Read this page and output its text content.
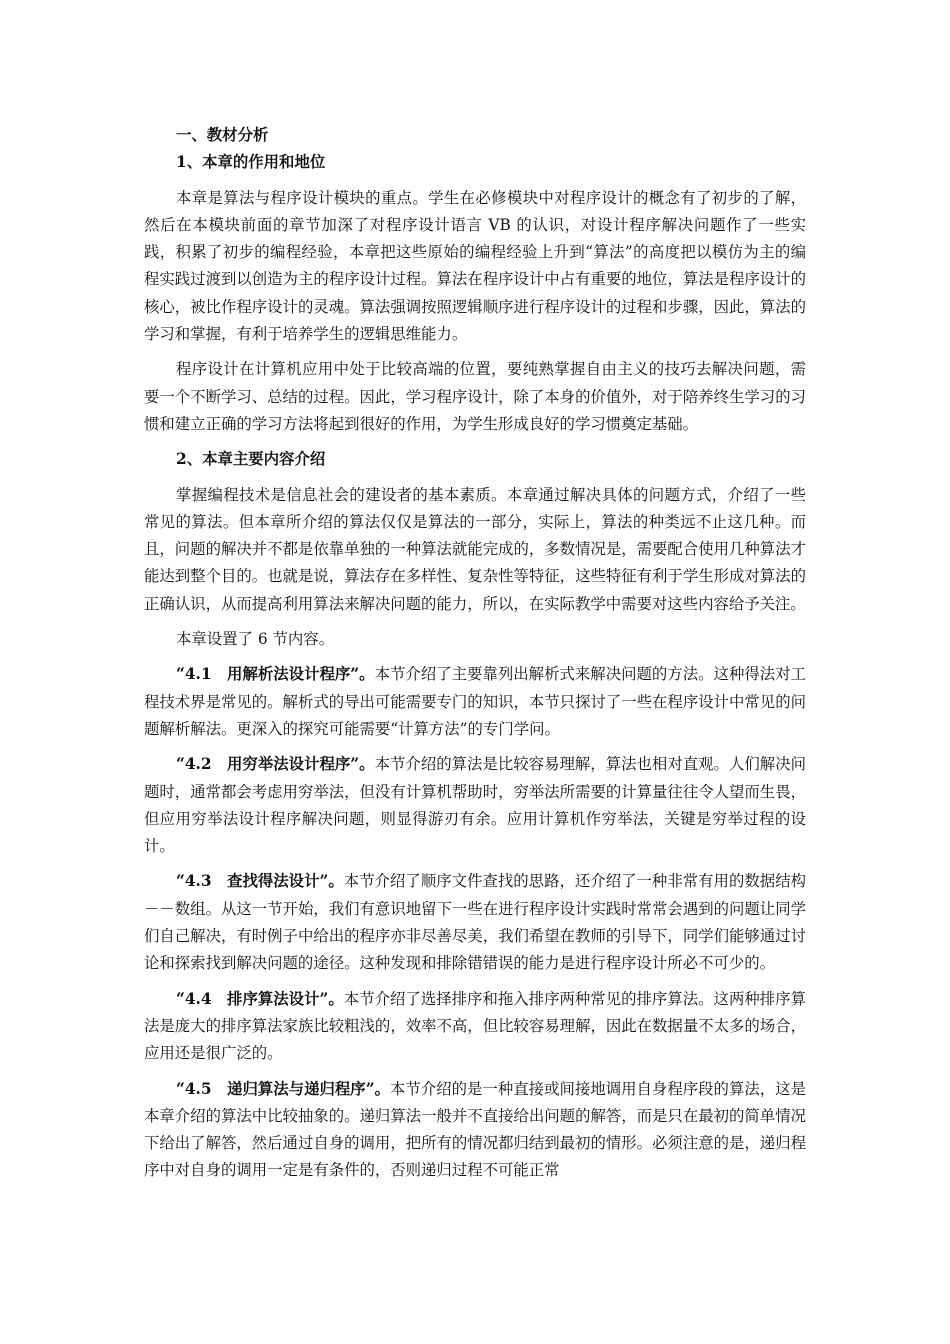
一、教材分析
1、本章的作用和地位

本章是算法与程序设计模块的重点。学生在必修模块中对程序设计的概念有了初步的了解，然后在本模块前面的章节加深了对程序设计语言 VB 的认识，对设计程序解决问题作了一些实践，积累了初步的编程经验，本章把这些原始的编程经验上升到“算法”的高度把以模仿为主的编程实践过渡到以创造为主的程序设计过程。算法在程序设计中占有重要的地位，算法是程序设计的核心，被比作程序设计的灵魂。算法强调按照逻辑顺序进行程序设计的过程和步骤，因此，算法的学习和掌握，有利于培养学生的逻辑思维能力。

程序设计在计算机应用中处于比较高端的位置，要纯熟掌握自由主义的技巧去解决问题，需要一个不断学习、总结的过程。因此，学习程序设计，除了本身的价值外，对于陪养终生学习的习惯和建立正确的学习方法将起到很好的作用，为学生形成良好的学习惯奠定基础。

2、本章主要内容介绍

掌握编程技术是信息社会的建设者的基本素质。本章通过解决具体的问题方式，介绍了一些常见的算法。但本章所介绍的算法仅仅是算法的一部分，实际上，算法的种类远不止这几种。而且，问题的解决并不都是依靠单独的一种算法就能完成的，多数情况是，需要配合使用几种算法才能达到整个目的。也就是说，算法存在多样性、复杂性等特征，这些特征有利于学生形成对算法的正确认识，从而提高利用算法来解决问题的能力，所以，在实际教学中需要对这些内容给予关注。

本章设置了 6 节内容。

“4.1　用解析法设计程序”。本节介绍了主要靠列出解析式来解决问题的方法。这种得法对工程技术界是常见的。解析式的导出可能需要专门的知识，本节只探讨了一些在程序设计中常见的问题解析解法。更深入的探究可能需要“计算方法”的专门学问。

“4.2　用穷举法设计程序”。本节介绍的算法是比较容易理解，算法也相对直观。人们解决问题时，通常都会考虑用穷举法，但没有计算机帮助时，穷举法所需要的计算量往往令人望而生畏，但应用穷举法设计程序解决问题，则显得游刃有余。应用计算机作穷举法，关键是穷举过程的设计。

“4.3　查找得法设计”。本节介绍了顺序文件查找的思路，还介绍了一种非常有用的数据结构－－数组。从这一节开始，我们有意识地留下一些在进行程序设计实践时常常会遇到的问题让同学们自己解决，有时例子中给出的程序亦非尽善尽美，我们希望在教师的引导下，同学们能够通过讨论和探索找到解决问题的途径。这种发现和排除错错误的能力是进行程序设计所必不可少的。

“4.4　排序算法设计”。本节介绍了选择排序和拖入排序两种常见的排序算法。这两种排序算法是庞大的排序算法家族比较粗浅的，效率不高，但比较容易理解，因此在数据量不太多的场合，应用还是很广泛的。

“4.5　递归算法与递归程序”。本节介绍的是一种直接或间接地调用自身程序段的算法，这是本章介绍的算法中比较抽象的。递归算法一般并不直接给出问题的解答，而是只在最初的简单情况下给出了解答，然后通过自身的调用，把所有的情况都归结到最初的情形。必须注意的是，递归程序中对自身的调用一定是有条件的，否则递归过程不可能正常
